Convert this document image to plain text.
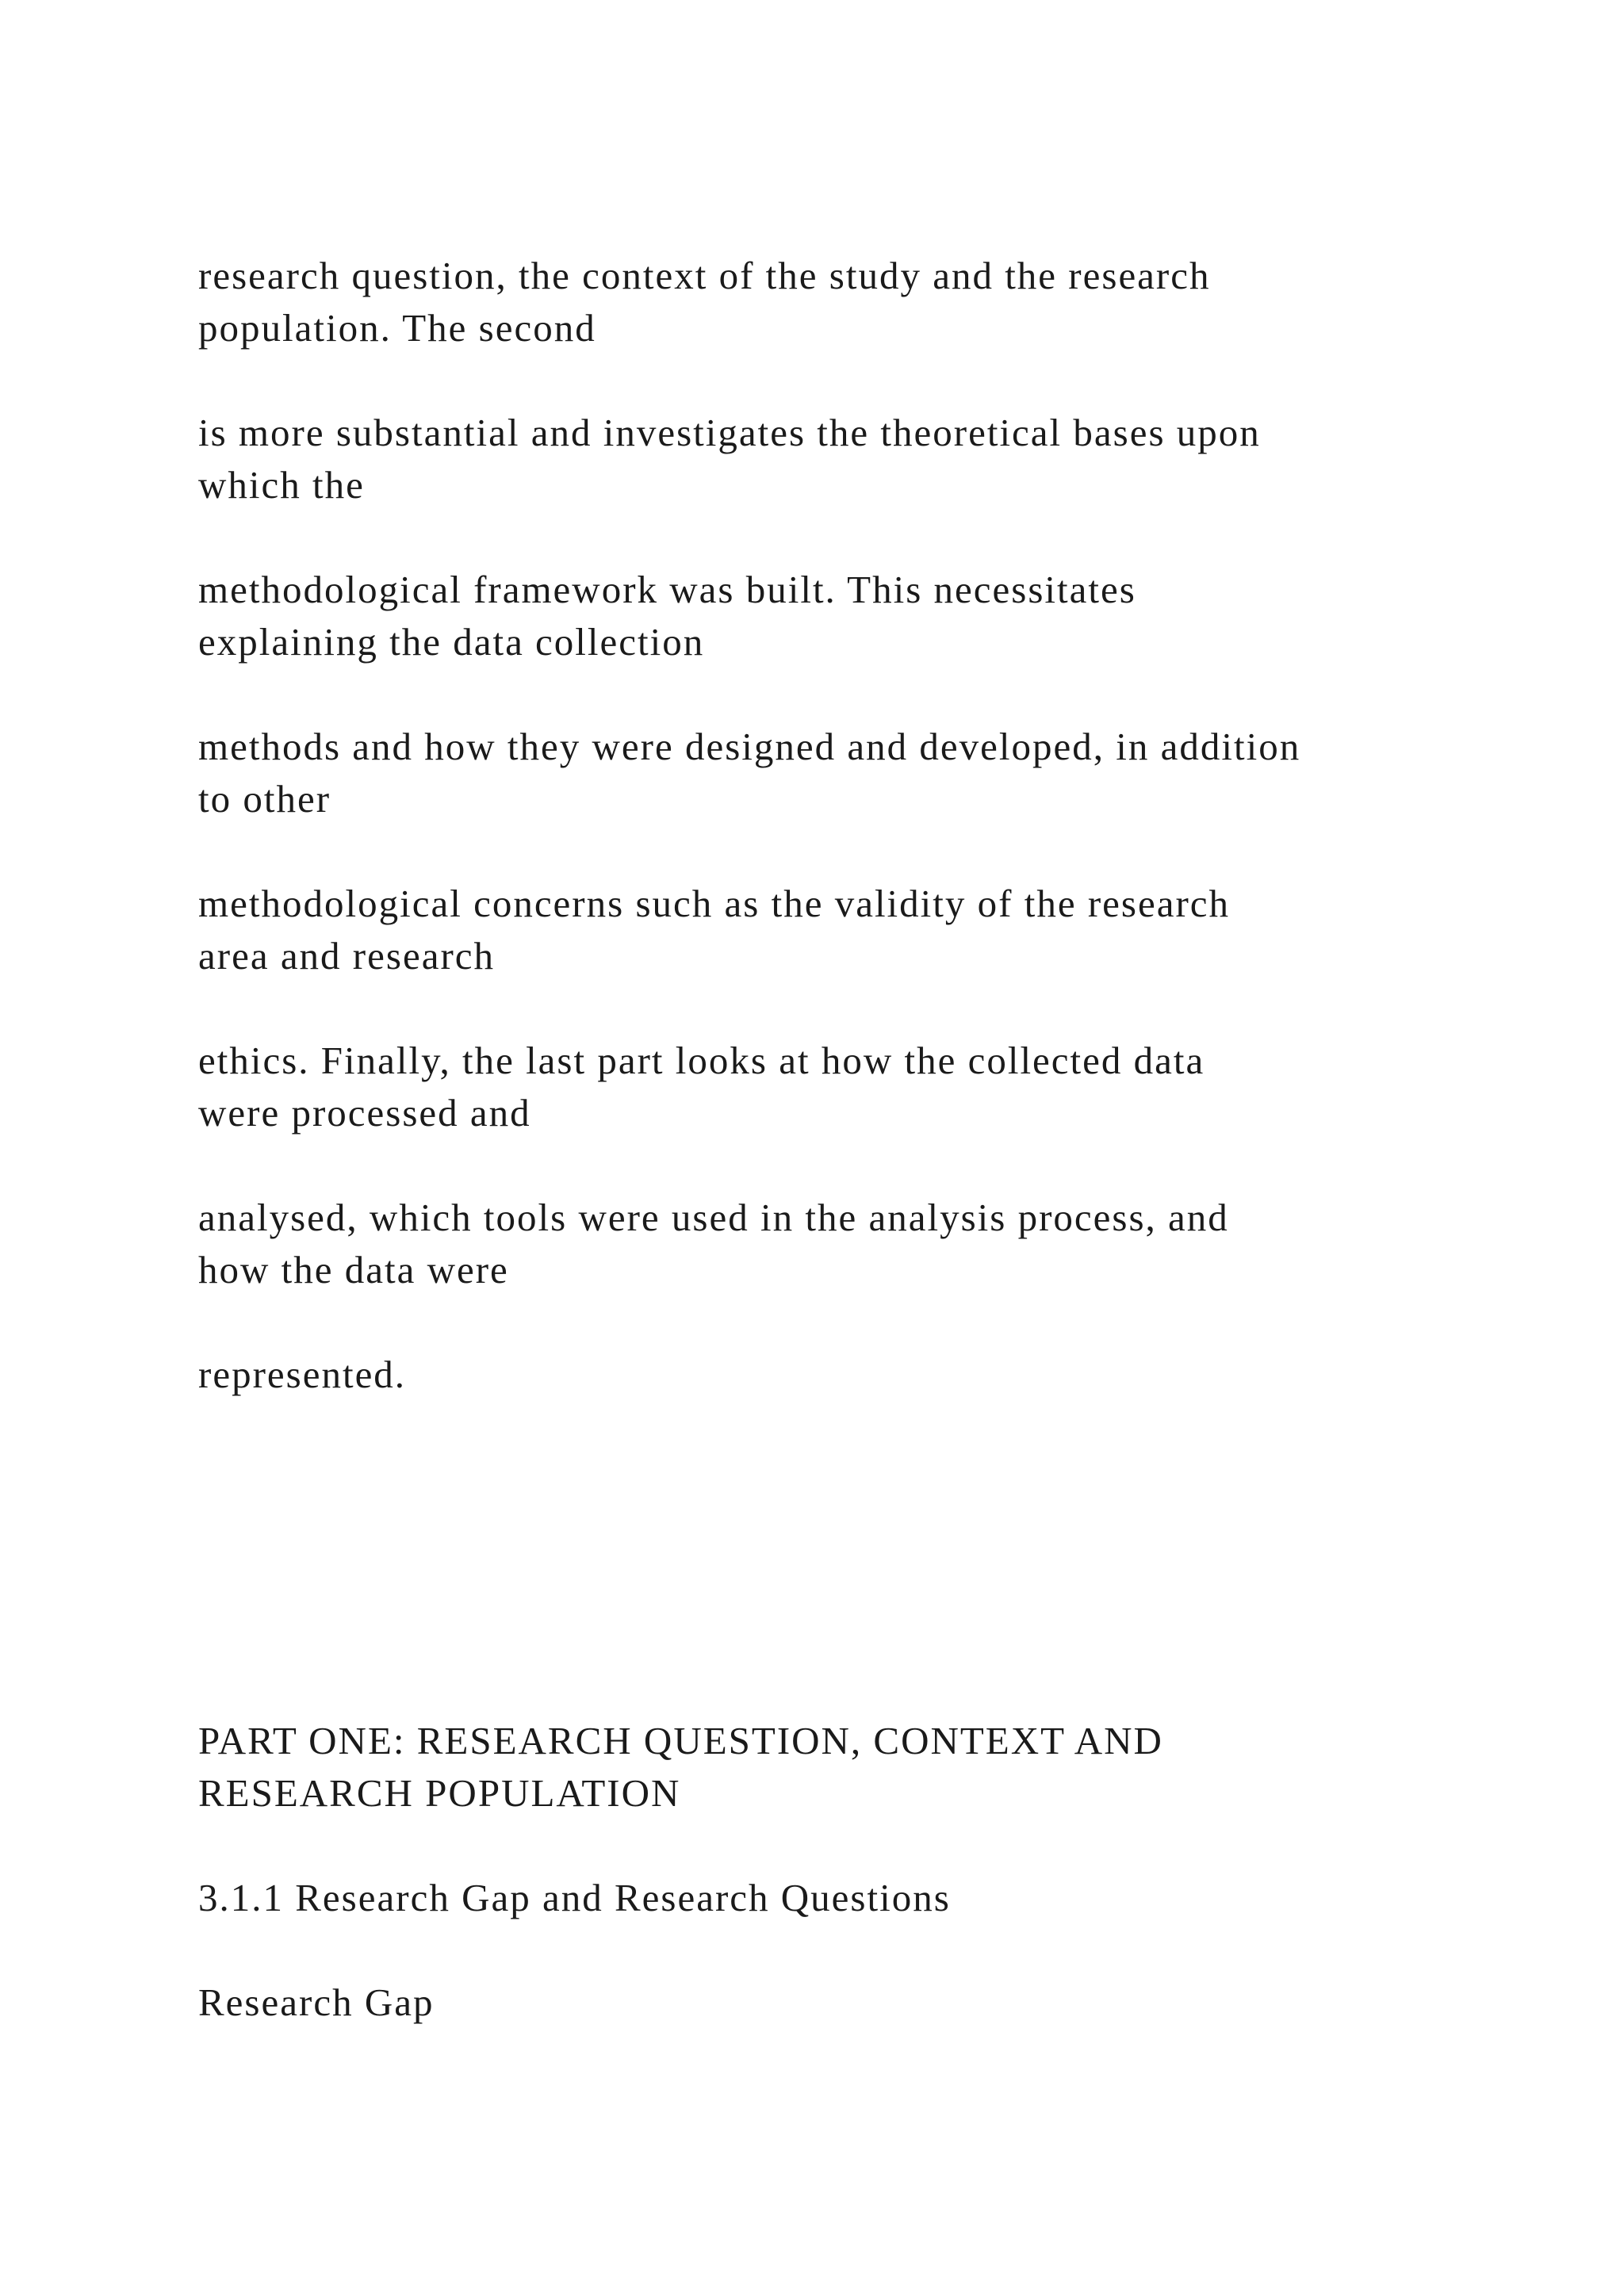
research question, the context of the study and the research

population. The second

is more substantial and investigates the theoretical bases upon

which the

methodological framework was built. This necessitates

explaining the data collection

methods and how they were designed and developed, in addition

to other

methodological concerns such as the validity of the research

area and research

ethics. Finally, the last part looks at how the collected data

were processed and

analysed, which tools were used in the analysis process, and

how the data were

represented.

PART ONE: RESEARCH QUESTION, CONTEXT AND

RESEARCH POPULATION

3.1.1 Research Gap and Research Questions

Research Gap
